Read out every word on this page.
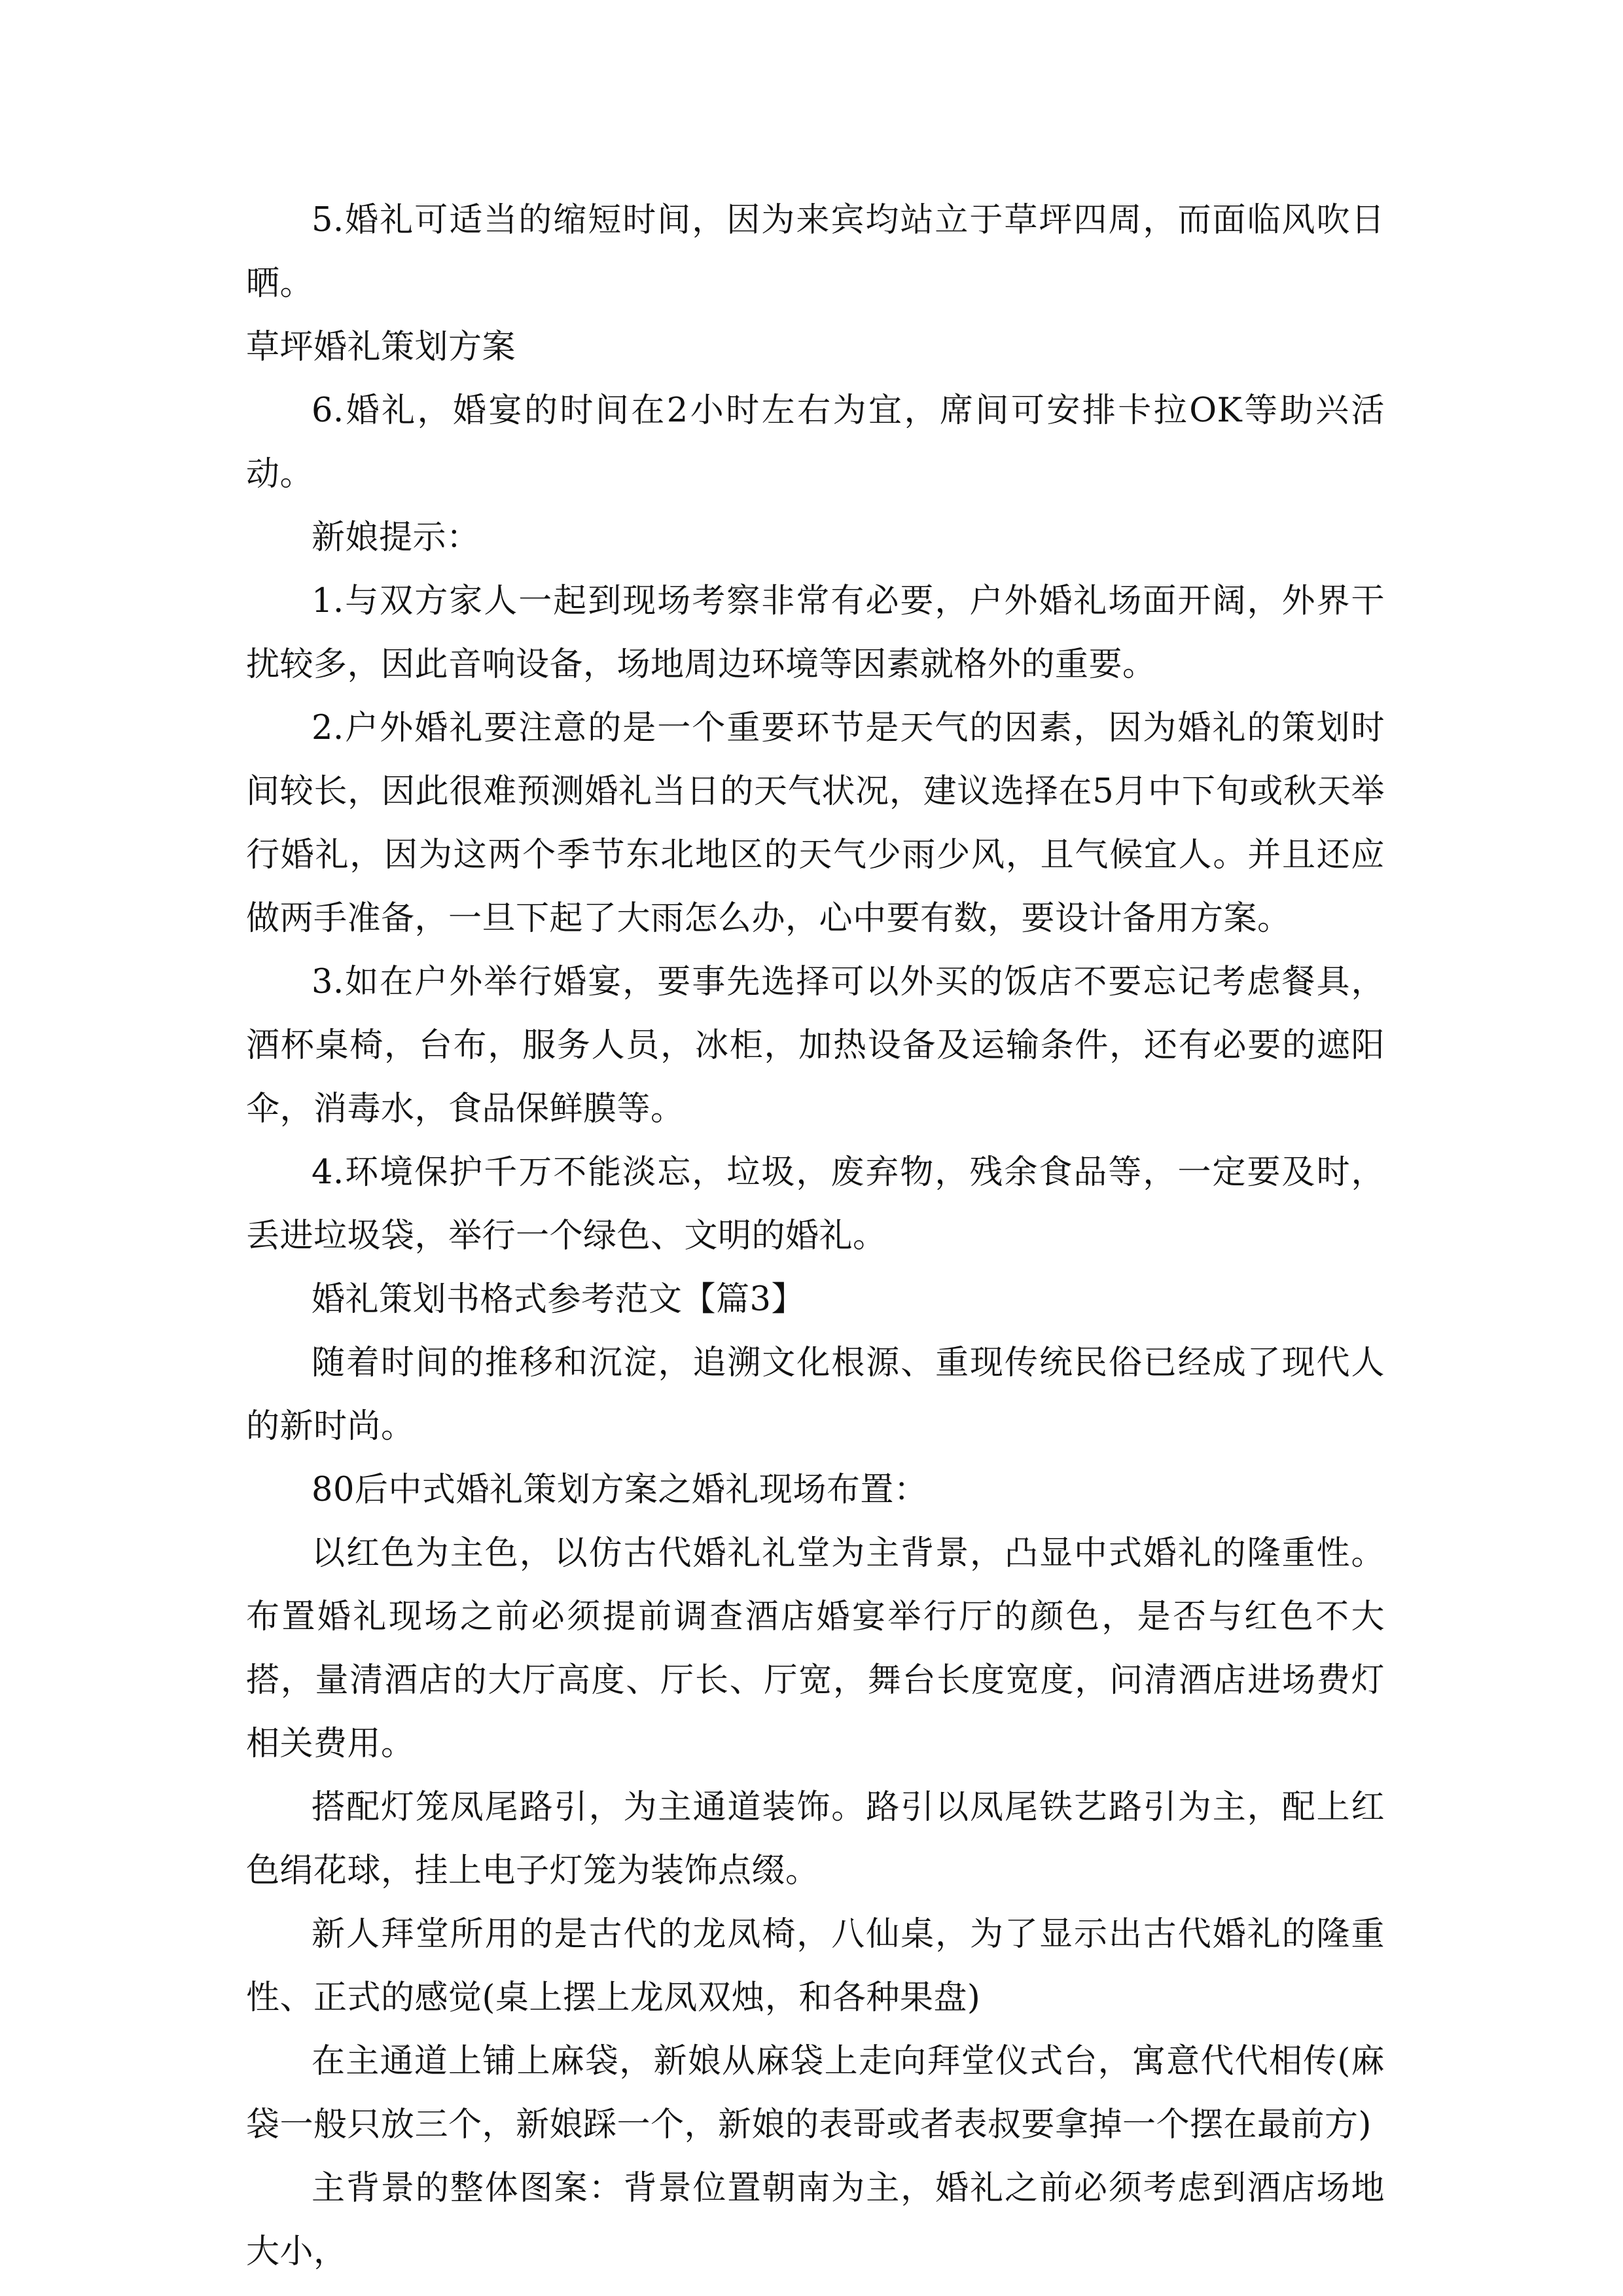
5.婚礼可适当的缩短时间，因为来宾均站立于草坪四周，而面临风吹日晒。

草坪婚礼策划方案

6.婚礼，婚宴的时间在2小时左右为宜，席间可安排卡拉OK等助兴活动。

新娘提示：

1.与双方家人一起到现场考察非常有必要，户外婚礼场面开阔，外界干扰较多，因此音响设备，场地周边环境等因素就格外的重要。

2.户外婚礼要注意的是一个重要环节是天气的因素，因为婚礼的策划时间较长，因此很难预测婚礼当日的天气状况，建议选择在5月中下旬或秋天举行婚礼，因为这两个季节东北地区的天气少雨少风，且气候宜人。并且还应做两手准备，一旦下起了大雨怎么办，心中要有数，要设计备用方案。

3.如在户外举行婚宴，要事先选择可以外买的饭店不要忘记考虑餐具，酒杯桌椅，台布，服务人员，冰柜，加热设备及运输条件，还有必要的遮阳伞，消毒水，食品保鲜膜等。

4.环境保护千万不能淡忘，垃圾，废弃物，残余食品等，一定要及时，丢进垃圾袋，举行一个绿色、文明的婚礼。

婚礼策划书格式参考范文【篇3】

随着时间的推移和沉淀，追溯文化根源、重现传统民俗已经成了现代人的新时尚。

80后中式婚礼策划方案之婚礼现场布置：

以红色为主色，以仿古代婚礼礼堂为主背景，凸显中式婚礼的隆重性。布置婚礼现场之前必须提前调查酒店婚宴举行厅的颜色，是否与红色不大搭，量清酒店的大厅高度、厅长、厅宽，舞台长度宽度，问清酒店进场费灯相关费用。

搭配灯笼凤尾路引，为主通道装饰。路引以凤尾铁艺路引为主，配上红色绢花球，挂上电子灯笼为装饰点缀。

新人拜堂所用的是古代的龙凤椅，八仙桌，为了显示出古代婚礼的隆重性、正式的感觉(桌上摆上龙凤双烛，和各种果盘)

在主通道上铺上麻袋，新娘从麻袋上走向拜堂仪式台，寓意代代相传(麻袋一般只放三个，新娘踩一个，新娘的表哥或者表叔要拿掉一个摆在最前方)

主背景的整体图案：背景位置朝南为主，婚礼之前必须考虑到酒店场地大小，
